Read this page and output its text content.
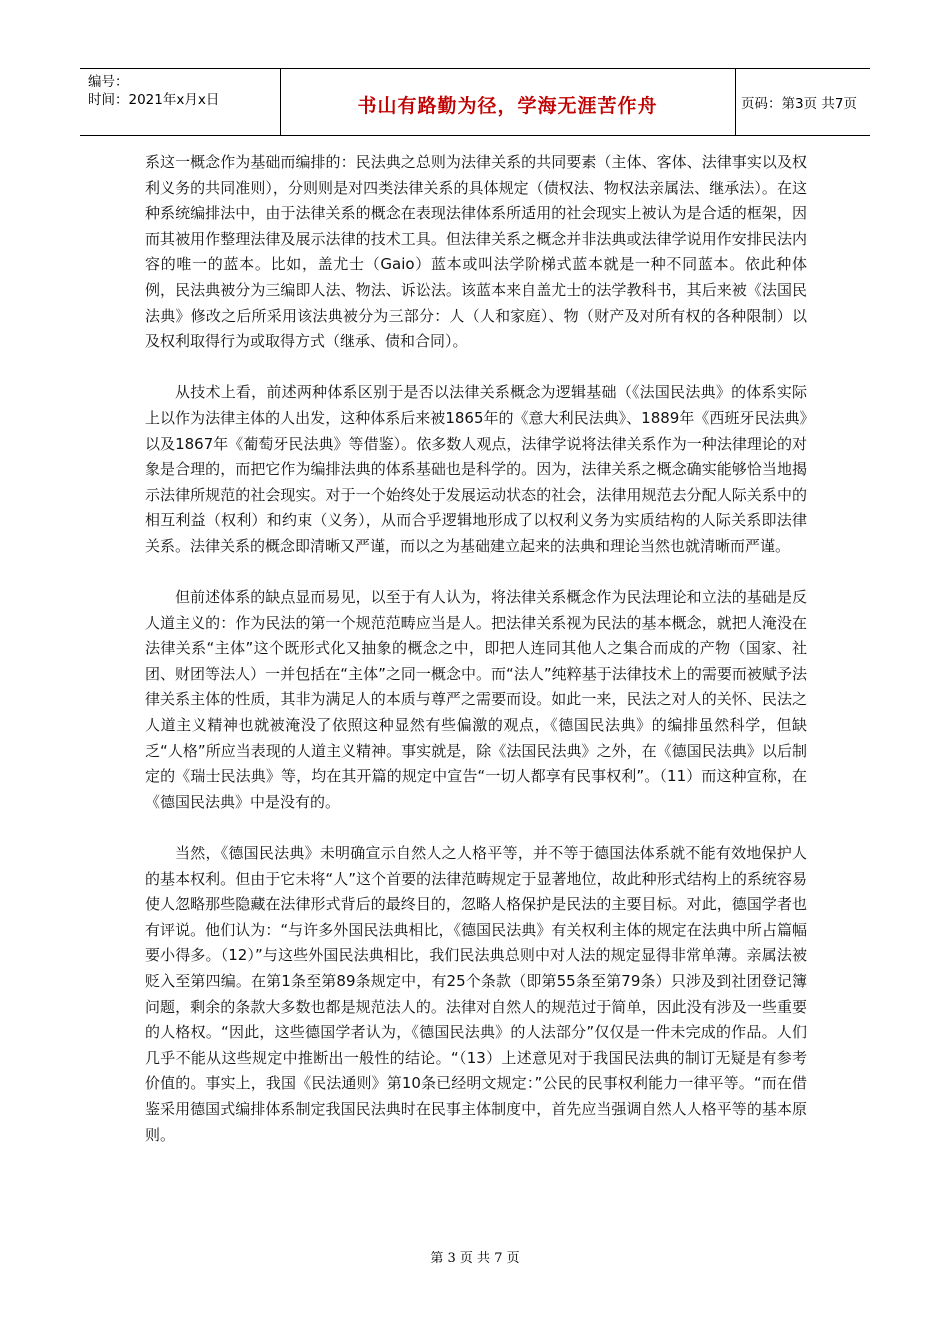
编号：
时间：2021年x月x日	书山有路勤为径，学海无涯苦作舟	页码：第3页 共7页

系这一概念作为基础而编排的：民法典之总则为法律关系的共同要素（主体、客体、法律事实以及权利义务的共同准则），分则则是对四类法律关系的具体规定（债权法、物权法亲属法、继承法）。在这种系统编排法中，由于法律关系的概念在表现法律体系所适用的社会现实上被认为是合适的框架，因而其被用作整理法律及展示法律的技术工具。但法律关系之概念并非法典或法律学说用作安排民法内容的唯一的蓝本。比如，盖尤士（Gaio）蓝本或叫法学阶梯式蓝本就是一种不同蓝本。依此种体例，民法典被分为三编即人法、物法、诉讼法。该蓝本来自盖尤士的法学教科书，其后来被《法国民法典》修改之后所采用该法典被分为三部分：人（人和家庭）、物（财产及对所有权的各种限制）以及权利取得行为或取得方式（继承、债和合同）。

从技术上看，前述两种体系区别于是否以法律关系概念为逻辑基础（《法国民法典》的体系实际上以作为法律主体的人出发，这种体系后来被1865年的《意大利民法典》、1889年《西班牙民法典》以及1867年《葡萄牙民法典》等借鉴）。依多数人观点，法律学说将法律关系作为一种法律理论的对象是合理的，而把它作为编排法典的体系基础也是科学的。因为，法律关系之概念确实能够恰当地揭示法律所规范的社会现实。对于一个始终处于发展运动状态的社会，法律用规范去分配人际关系中的相互利益（权利）和约束（义务），从而合乎逻辑地形成了以权利义务为实质结构的人际关系即法律关系。法律关系的概念即清晰又严谨，而以之为基础建立起来的法典和理论当然也就清晰而严谨。

但前述体系的缺点显而易见，以至于有人认为，将法律关系概念作为民法理论和立法的基础是反人道主义的：作为民法的第一个规范范畴应当是人。把法律关系视为民法的基本概念，就把人淹没在法律关系“主体”这个既形式化又抽象的概念之中，即把人连同其他人之集合而成的产物（国家、社团、财团等法人）一并包括在“主体”之同一概念中。而“法人”纯粹基于法律技术上的需要而被赋予法律关系主体的性质，其非为满足人的本质与尊严之需要而设。如此一来，民法之对人的关怀、民法之人道主义精神也就被淹没了依照这种显然有些偏激的观点，《德国民法典》的编排虽然科学，但缺乏“人格”所应当表现的人道主义精神。事实就是，除《法国民法典》之外，在《德国民法典》以后制定的《瑞士民法典》等，均在其开篇的规定中宣告“一切人都享有民事权利”。（11）而这种宣称，在《德国民法典》中是没有的。

当然，《德国民法典》未明确宣示自然人之人格平等，并不等于德国法体系就不能有效地保护人的基本权利。但由于它未将“人”这个首要的法律范畴规定于显著地位，故此种形式结构上的系统容易使人忽略那些隐藏在法律形式背后的最终目的，忽略人格保护是民法的主要目标。对此，德国学者也有评说。他们认为：“与许多外国民法典相比，《德国民法典》有关权利主体的规定在法典中所占篇幅要小得多。（12）”与这些外国民法典相比，我们民法典总则中对人法的规定显得非常单薄。亲属法被贬入至第四编。在第1条至第89条规定中，有25个条款（即第55条至第79条）只涉及到社团登记簿问题，剩余的条款大多数也都是规范法人的。法律对自然人的规范过于简单，因此没有涉及一些重要的人格权。“因此，这些德国学者认为，《德国民法典》的人法部分”仅仅是一件未完成的作品。人们几乎不能从这些规定中推断出一般性的结论。“（13）上述意见对于我国民法典的制订无疑是有参考价值的。事实上，我国《民法通则》第10条已经明文规定：”公民的民事权利能力一律平等。“而在借鉴采用德国式编排体系制定我国民法典时在民事主体制度中，首先应当强调自然人人格平等的基本原则。

第 3 页 共 7 页
